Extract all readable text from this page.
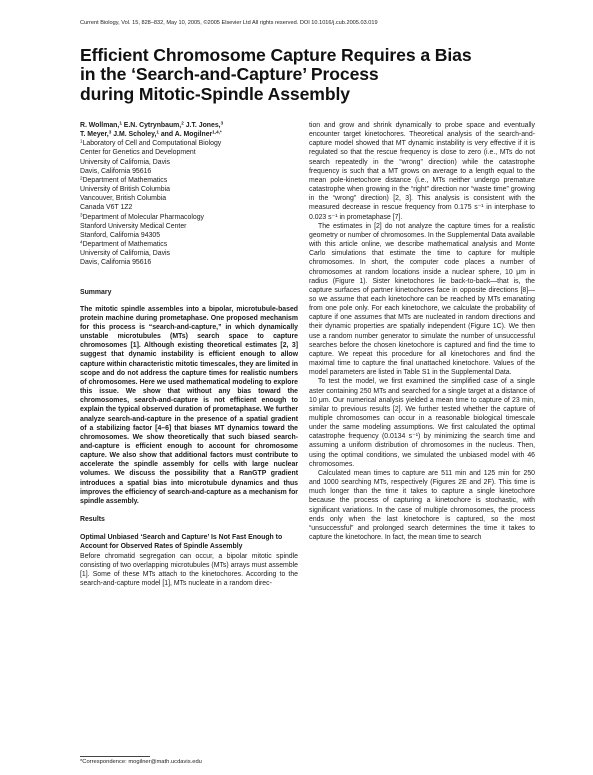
Current Biology, Vol. 15, 828–832, May 10, 2005, ©2005 Elsevier Ltd All rights reserved. DOI 10.1016/j.cub.2005.03.019
Efficient Chromosome Capture Requires a Bias
in the ‘Search-and-Capture’ Process
during Mitotic-Spindle Assembly

R. Wollman,$^1$ E.N. Cytrynbaum,$^2$ J.T. Jones,$^3$

T. Meyer,$^3$ J.M. Scholey,$^1$ and A. Mogilner$^{1,4,*}$

$^1$Laboratory of Cell and Computational Biology

Center for Genetics and Development

University of California, Davis

Davis, California 95616

$^2$Department of Mathematics

University of British Columbia

Vancouver, British Columbia

Canada V6T 1Z2

$^3$Department of Molecular Pharmacology

Stanford University Medical Center

Stanford, California 94305

$^4$Department of Mathematics

University of California, Davis

Davis, California 95616

Summary

The mitotic spindle assembles into a bipolar, microtubule-based protein machine during prometaphase. One proposed mechanism for this process is “search-and-capture,” in which dynamically unstable microtubules (MTs) search space to capture chromosomes [1]. Although existing theoretical estimates [2, 3] suggest that dynamic instability is efficient enough to allow capture within characteristic mitotic timescales, they are limited in scope and do not address the capture times for realistic numbers of chromosomes. Here we used mathematical modeling to explore this issue. We show that without any bias toward the chromosomes, search-and-capture is not efficient enough to explain the typical observed duration of prometaphase. We further analyze search-and-capture in the presence of a spatial gradient of a stabilizing factor [4–6] that biases MT dynamics toward the chromosomes. We show theoretically that such biased search-and-capture is efficient enough to account for chromosome capture. We also show that additional factors must contribute to accelerate the spindle assembly for cells with large nuclear volumes. We discuss the possibility that a RanGTP gradient introduces a spatial bias into microtubule dynamics and thus improves the efficiency of search-and-capture as a mechanism for spindle assembly.

Results

Optimal Unbiased ‘Search and Capture’ Is Not Fast Enough to Account for Observed Rates of Spindle Assembly

Before chromatid segregation can occur, a bipolar mitotic spindle consisting of two overlapping microtubules (MTs) arrays must assemble [1]. Some of these MTs attach to the kinetochores. According to the search-and-capture model [1], MTs nucleate in a random direc-

tion and grow and shrink dynamically to probe space and eventually encounter target kinetochores. Theoretical analysis of the search-and-capture model showed that MT dynamic instability is very effective if it is regulated so that the rescue frequency is close to zero (i.e., MTs do not search repeatedly in the “wrong” direction) while the catastrophe frequency is such that a MT grows on average to a length equal to the mean pole-kinetochore distance (i.e., MTs neither undergo premature catastrophe when growing in the “right” direction nor “waste time” growing in the “wrong” direction) [2, 3]. This analysis is consistent with the measured decrease in rescue frequency from 0.175 s⁻¹ in interphase to 0.023 s⁻¹ in prometaphase [7].

The estimates in [2] do not analyze the capture times for a realistic geometry or number of chromosomes. In the Supplemental Data available with this article online, we describe mathematical analysis and Monte Carlo simulations that estimate the time to capture for multiple chromosomes. In short, the computer code places a number of chromosomes at random locations inside a nuclear sphere, 10 μm in radius (Figure 1). Sister kinetochores lie back-to-back—that is, the capture surfaces of partner kinetochores face in opposite directions [8]—so we assume that each kinetochore can be reached by MTs emanating from one pole only. For each kinetochore, we calculate the probability of capture if one assumes that MTs are nucleated in random directions and their dynamic properties are spatially independent (Figure 1C). We then use a random number generator to simulate the number of unsuccessful searches before the chosen kinetochore is captured and find the time to capture. We repeat this procedure for all kinetochores and find the maximal time to capture the final unattached kinetochore. Values of the model parameters are listed in Table S1 in the Supplemental Data.

To test the model, we first examined the simplified case of a single aster containing 250 MTs and searched for a single target at a distance of 10 μm. Our numerical analysis yielded a mean time to capture of 23 min, similar to previous results [2]. We further tested whether the capture of multiple chromosomes can occur in a reasonable biological timescale under the same modeling assumptions. We first calculated the optimal catastrophe frequency (0.0134 s⁻¹) by minimizing the search time and assuming a uniform distribution of chromosomes in the nucleus. Then, using the optimal conditions, we simulated the unbiased model with 46 chromosomes.

Calculated mean times to capture are 511 min and 125 min for 250 and 1000 searching MTs, respectively (Figures 2E and 2F). This time is much longer than the time it takes to capture a single kinetochore because the process of capturing a kinetochore is stochastic, with significant variations. In the case of multiple chromosomes, the process ends only when the last kinetochore is captured, so the most “unsuccessful” and prolonged search determines the time it takes to capture the kinetochore. In fact, the mean time to search

*Correspondence: mogilner@math.ucdavis.edu
